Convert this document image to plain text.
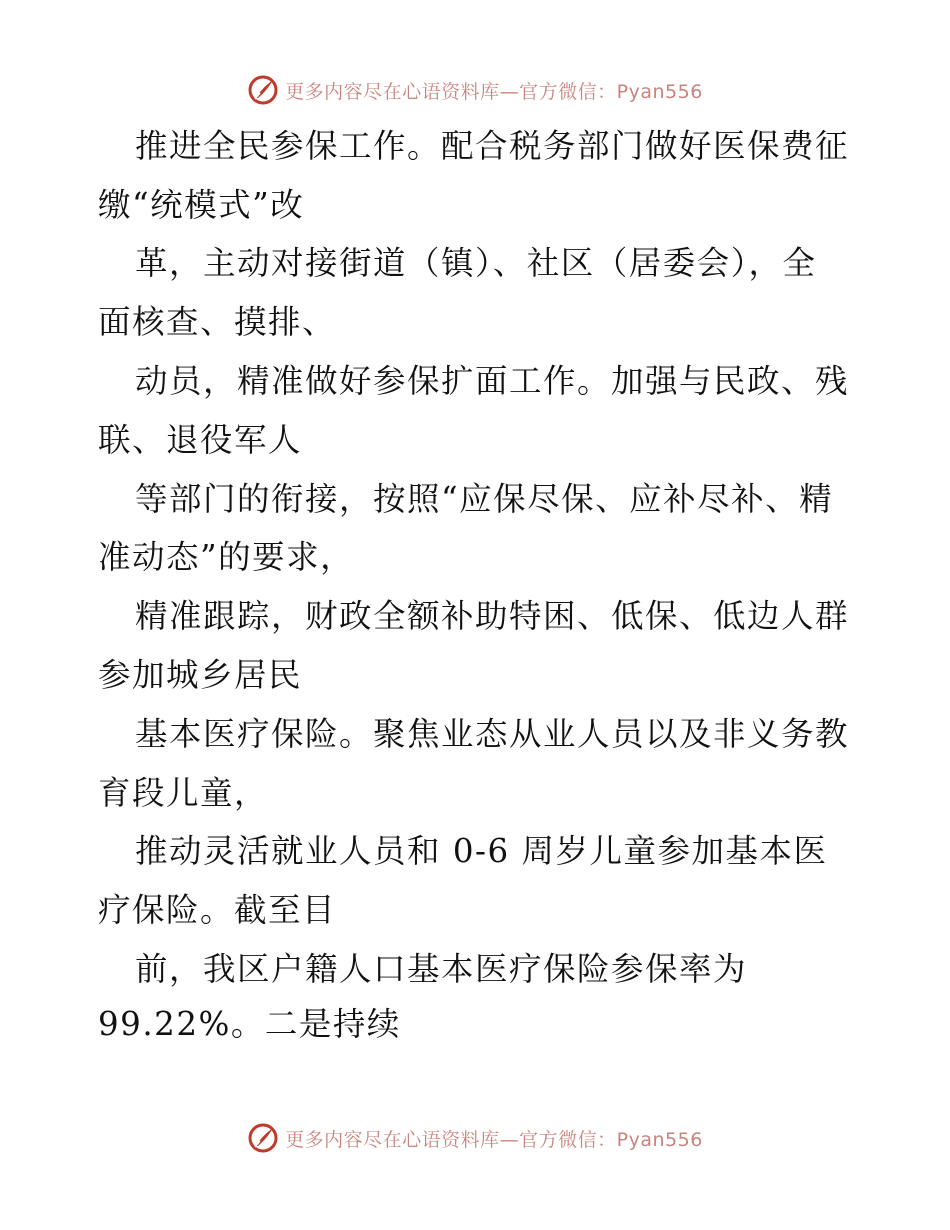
更多内容尽在心语资料库—官方微信：Pyan556
推进全民参保工作。配合税务部门做好医保费征
缴“统模式”改
革，主动对接街道（镇）、社区（居委会），全
面核查、摸排、
动员，精准做好参保扩面工作。加强与民政、残
联、退役军人
等部门的衔接，按照“应保尽保、应补尽补、精
准动态”的要求，
精准跟踪，财政全额补助特困、低保、低边人群
参加城乡居民
基本医疗保险。聚焦业态从业人员以及非义务教
育段儿童，
推动灵活就业人员和 0-6 周岁儿童参加基本医
疗保险。截至目
前，我区户籍人口基本医疗保险参保率为
99.22%。二是持续
更多内容尽在心语资料库—官方微信：Pyan556
